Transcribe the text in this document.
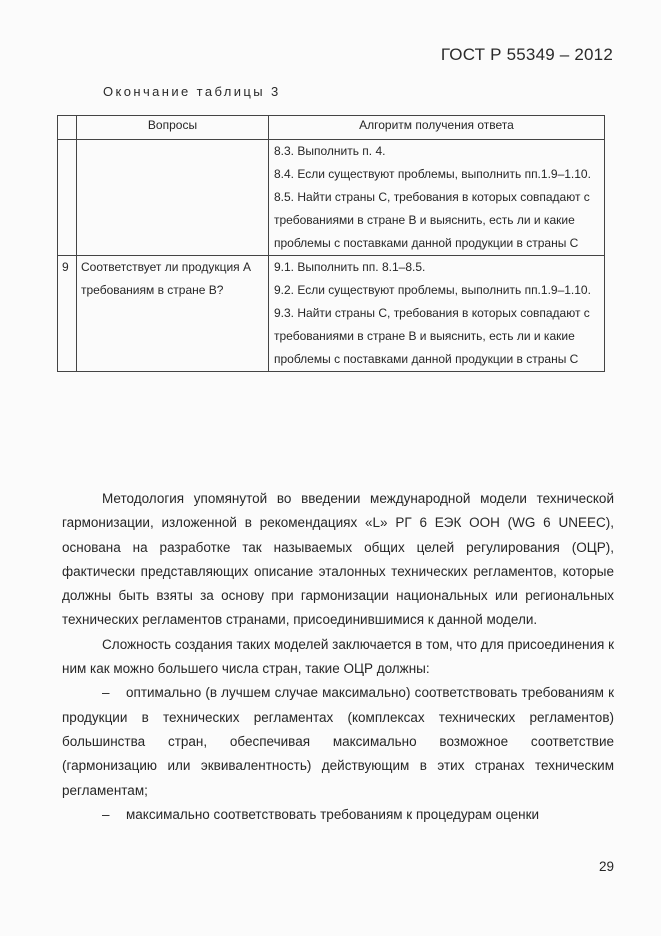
ГОСТ Р 55349 – 2012
Окончание таблицы 3
	Вопросы	Алгоритм получения ответа

		8.3. Выполнить п. 4.
8.4. Если существуют проблемы, выполнить пп.1.9–1.10.
8.5. Найти страны С, требования в которых совпадают с требованиями в стране В и выяснить, есть ли и какие проблемы с поставками данной продукции в страны С

9	Соответствует ли продукция А требованиям в стране В?	9.1. Выполнить пп. 8.1–8.5.
9.2. Если существуют проблемы, выполнить пп.1.9–1.10.
9.3. Найти страны С, требования в которых совпадают с требованиями в стране В и выяснить, есть ли и какие проблемы с поставками данной продукции в страны С

Методология упомянутой во введении международной модели технической гармонизации, изложенной в рекомендациях «L» РГ 6 ЕЭК ООН (WG 6 UNEEC), основана на разработке так называемых общих целей регулирования (ОЦР), фактически представляющих описание эталонных технических регламентов, которые должны быть взяты за основу при гармонизации национальных или региональных технических регламентов странами, присоединившимися к данной модели.

Сложность создания таких моделей заключается в том, что для присоединения к ним как можно большего числа стран, такие ОЦР должны:

– оптимально (в лучшем случае максимально) соответствовать требованиям к продукции в технических регламентах (комплексах технических регламентов) большинства стран, обеспечивая максимально возможное соответствие (гармонизацию или эквивалентность) действующим в этих странах техническим регламентам;

– максимально соответствовать требованиям к процедурам оценки

29
